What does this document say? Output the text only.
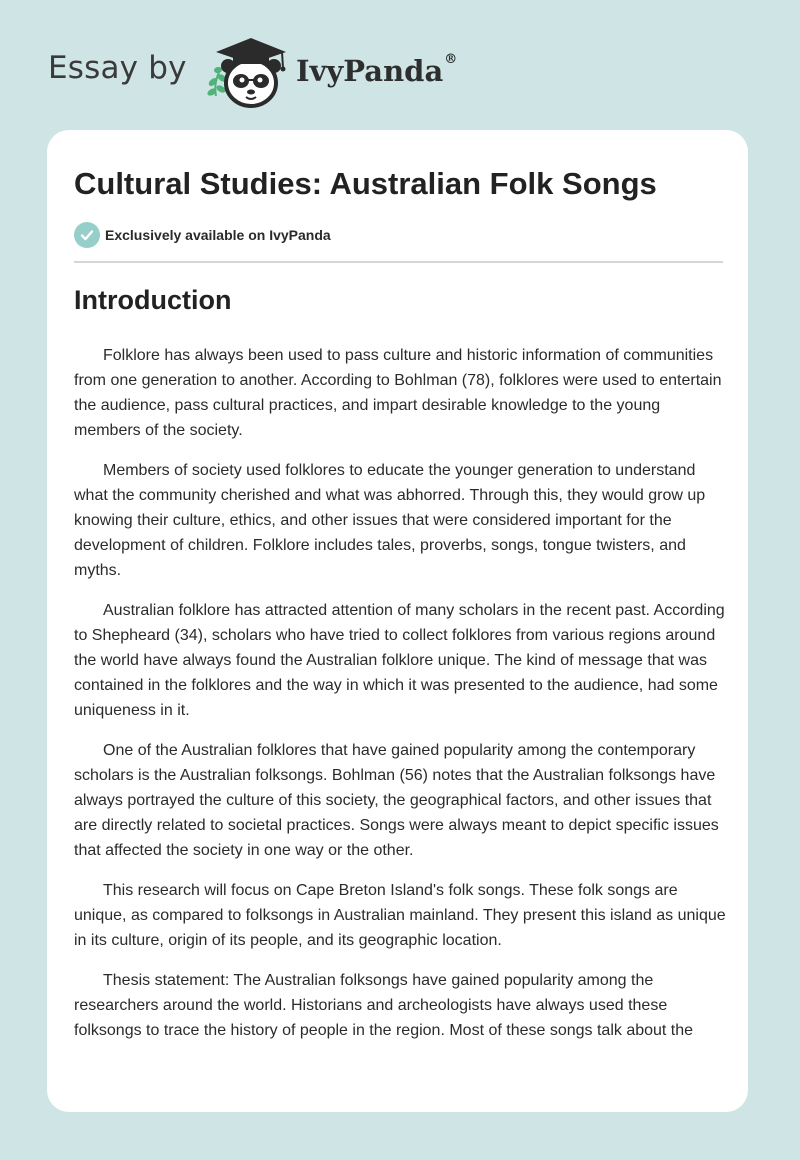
Essay by	IvyPanda®
Cultural Studies: Australian Folk Songs
Exclusively available on IvyPanda
Introduction

Folklore has always been used to pass culture and historic information of communities from one generation to another. According to Bohlman (78), folklores were used to entertain the audience, pass cultural practices, and impart desirable knowledge to the young members of the society.

Members of society used folklores to educate the younger generation to understand what the community cherished and what was abhorred. Through this, they would grow up knowing their culture, ethics, and other issues that were considered important for the development of children. Folklore includes tales, proverbs, songs, tongue twisters, and myths.

Australian folklore has attracted attention of many scholars in the recent past. According to Shepheard (34), scholars who have tried to collect folklores from various regions around the world have always found the Australian folklore unique. The kind of message that was contained in the folklores and the way in which it was presented to the audience, had some uniqueness in it.

One of the Australian folklores that have gained popularity among the contemporary scholars is the Australian folksongs. Bohlman (56) notes that the Australian folksongs have always portrayed the culture of this society, the geographical factors, and other issues that are directly related to societal practices. Songs were always meant to depict specific issues that affected the society in one way or the other.

This research will focus on Cape Breton Island's folk songs. These folk songs are unique, as compared to folksongs in Australian mainland. They present this island as unique in its culture, origin of its people, and its geographic location.

Thesis statement: The Australian folksongs have gained popularity among the researchers around the world. Historians and archeologists have always used these folksongs to trace the history of people in the region. Most of these songs talk about the
